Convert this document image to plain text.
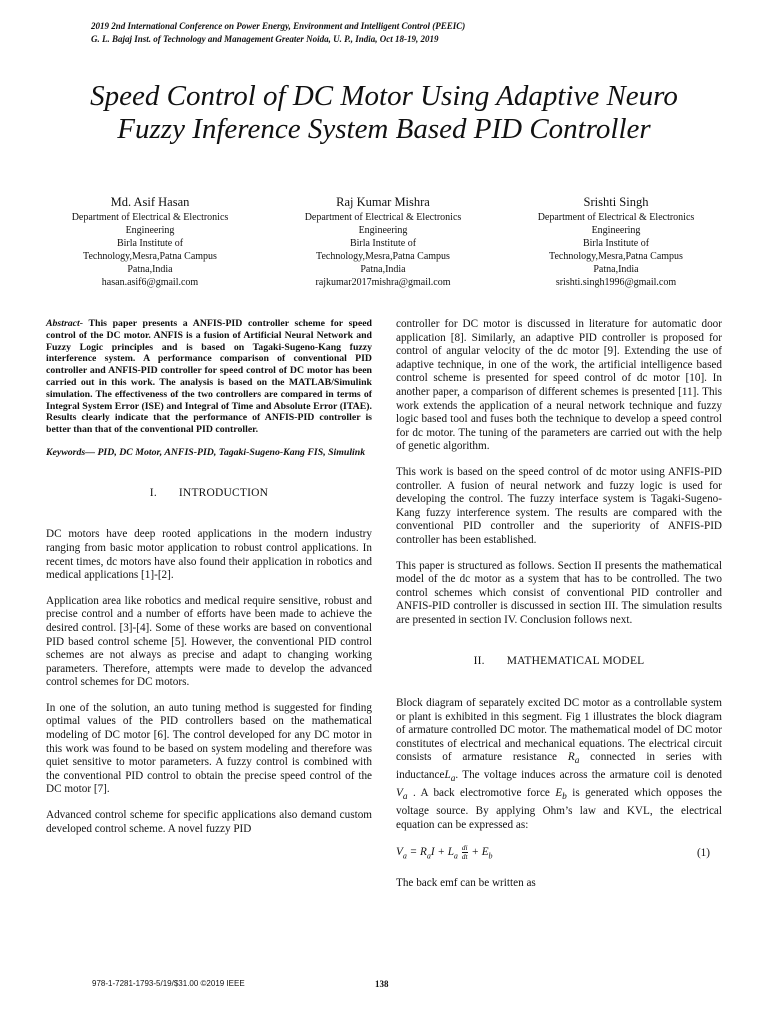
2019 2nd International Conference on Power Energy, Environment and Intelligent Control (PEEIC)
G. L. Bajaj Inst. of Technology and Management Greater Noida, U. P., India, Oct 18-19, 2019
Speed Control of DC Motor Using Adaptive Neuro
Fuzzy Inference System Based PID Controller
Md. Asif Hasan
Department of Electrical & Electronics
Engineering
Birla Institute of
Technology,Mesra,Patna Campus
Patna,India
hasan.asif6@gmail.com
Raj Kumar Mishra
Department of Electrical & Electronics
Engineering
Birla Institute of
Technology,Mesra,Patna Campus
Patna,India
rajkumar2017mishra@gmail.com
Srishti Singh
Department of Electrical & Electronics
Engineering
Birla Institute of
Technology,Mesra,Patna Campus
Patna,India
srishti.singh1996@gmail.com

Abstract- This paper presents a ANFIS-PID controller scheme for speed control of the DC motor. ANFIS is a fusion of Artificial Neural Network and Fuzzy Logic principles and is based on Tagaki-Sugeno-Kang fuzzy interference system. A performance comparison of conventional PID controller and ANFIS-PID controller for speed control of DC motor has been carried out in this work. The analysis is based on the MATLAB/Simulink simulation. The effectiveness of the two controllers are compared in terms of Integral System Error (ISE) and Integral of Time and Absolute Error (ITAE). Results clearly indicate that the performance of ANFIS-PID controller is better than that of the conventional PID controller.

Keywords— PID, DC Motor, ANFIS-PID, Tagaki-Sugeno-Kang FIS, Simulink

I. INTRODUCTION

DC motors have deep rooted applications in the modern industry ranging from basic motor application to robust control applications. In recent times, dc motors have also found their application in robotics and medical applications [1]-[2].

Application area like robotics and medical require sensitive, robust and precise control and a number of efforts have been made to achieve the desired control. [3]-[4]. Some of these works are based on conventional PID based control scheme [5]. However, the conventional PID control schemes are not always as precise and adapt to changing working parameters. Therefore, attempts were made to develop the advanced control schemes for DC motors.

In one of the solution, an auto tuning method is suggested for finding optimal values of the PID controllers based on the mathematical modeling of DC motor [6]. The control developed for any DC motor in this work was found to be based on system modeling and therefore was quiet sensitive to motor parameters. A fuzzy control is combined with the conventional PID control to obtain the precise speed control of the DC motor [7].

Advanced control scheme for specific applications also demand custom developed control scheme. A novel fuzzy PID

controller for DC motor is discussed in literature for automatic door application [8]. Similarly, an adaptive PID controller is proposed for control of angular velocity of the dc motor [9]. Extending the use of adaptive technique, in one of the work, the artificial intelligence based control scheme is presented for speed control of dc motor [10]. In another paper, a comparison of different schemes is presented [11]. This work extends the application of a neural network technique and fuzzy logic based tool and fuses both the technique to develop a speed control for dc motor. The tuning of the parameters are carried out with the help of genetic algorithm.

This work is based on the speed control of dc motor using ANFIS-PID controller. A fusion of neural network and fuzzy logic is used for developing the control. The fuzzy interface system is Tagaki-Sugeno-Kang fuzzy interference system. The results are compared with the conventional PID controller and the superiority of ANFIS-PID controller has been established.

This paper is structured as follows. Section II presents the mathematical model of the dc motor as a system that has to be controlled. The two control schemes which consist of conventional PID controller and ANFIS-PID controller is discussed in section III. The simulation results are presented in section IV. Conclusion follows next.

II. MATHEMATICAL MODEL

Block diagram of separately excited DC motor as a controllable system or plant is exhibited in this segment. Fig 1 illustrates the block diagram of armature controlled DC motor. The mathematical model of DC motor constitutes of electrical and mechanical equations. The electrical circuit consists of armature resistance $R_a$ connected in series with inductanceL$_a$. The voltage induces across the armature coil is denoted $V_a$ . A back electromotive force $E_b$ is generated which opposes the voltage source. By applying Ohm’s law and KVL, the electrical equation can be expressed as:

$V_a = R_aI + L_a \frac{di}{dt} + E_b$	(1)

The back emf can be written as

978-1-7281-1793-5/19/$31.00 ©2019 IEEE	138
